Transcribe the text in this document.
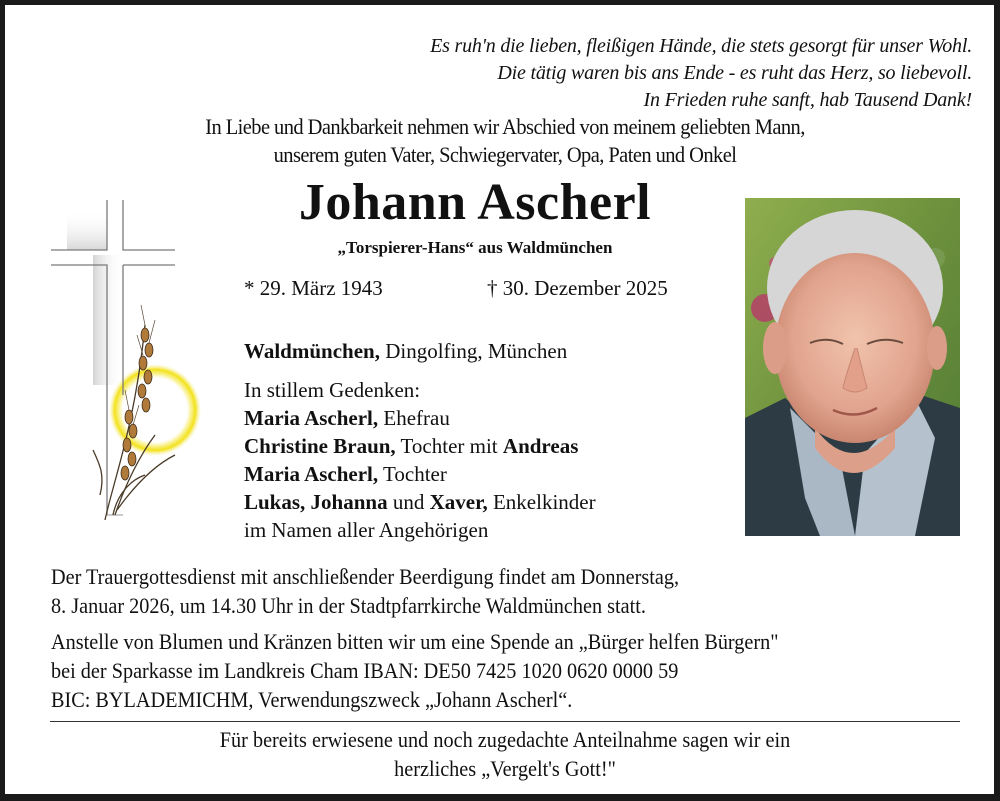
Es ruh'n die lieben, fleißigen Hände, die stets gesorgt für unser Wohl.
Die tätig waren bis ans Ende - es ruht das Herz, so liebevoll.
In Frieden ruhe sanft, hab Tausend Dank!
In Liebe und Dankbarkeit nehmen wir Abschied von meinem geliebten Mann,
unserem guten Vater, Schwiegervater, Opa, Paten und Onkel
Johann Ascherl
„Torspierer-Hans“ aus Waldmünchen
* 29. März 1943	† 30. Dezember 2025
Waldmünchen, Dingolfing, München
In stillem Gedenken:
Maria Ascherl, Ehefrau
Christine Braun, Tochter mit Andreas
Maria Ascherl, Tochter
Lukas, Johanna und Xaver, Enkelkinder
im Namen aller Angehörigen
Der Trauergottesdienst mit anschließender Beerdigung findet am Donnerstag,
8. Januar 2026, um 14.30 Uhr in der Stadtpfarrkirche Waldmünchen statt.
Anstelle von Blumen und Kränzen bitten wir um eine Spende an „Bürger helfen Bürgern"
bei der Sparkasse im Landkreis Cham IBAN: DE50 7425 1020 0620 0000 59
BIC: BYLADEMICHM, Verwendungszweck „Johann Ascherl“.
Für bereits erwiesene und noch zugedachte Anteilnahme sagen wir ein
herzliches „Vergelt's Gott!"
